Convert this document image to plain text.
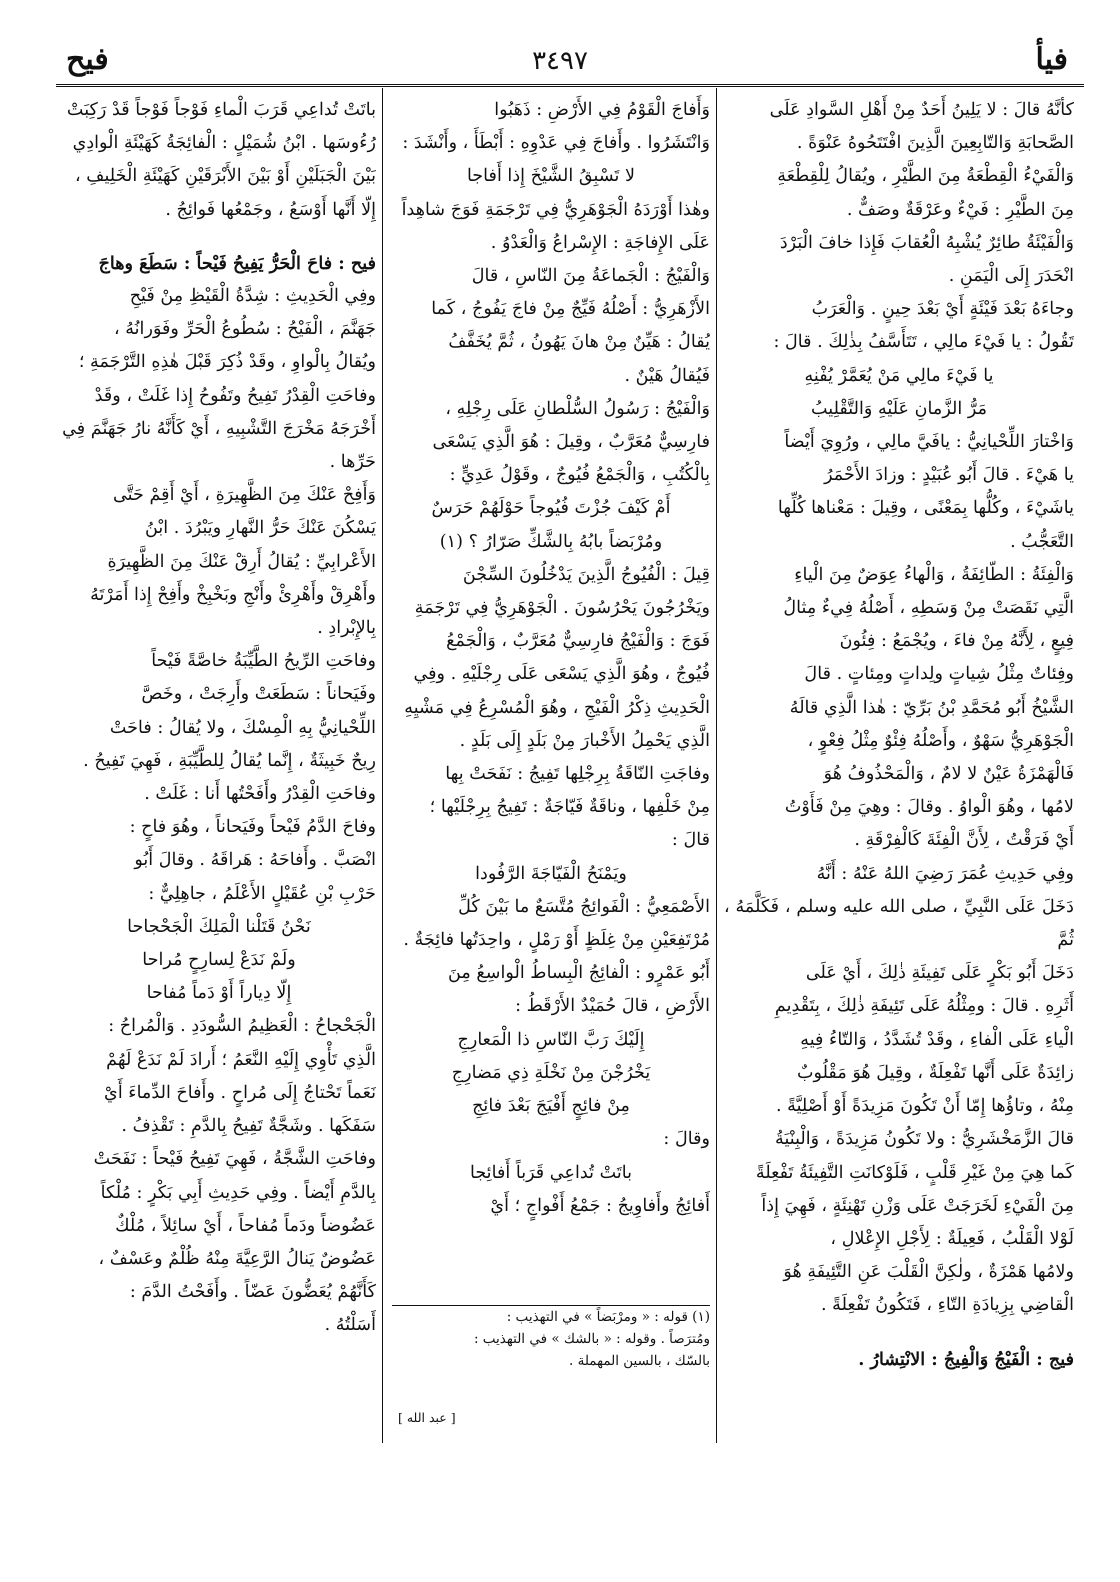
فيح	٣٤٩٧	فيأ

كأنَّهُ قالَ : لا يَلِينُ أَحَدٌ مِنْ أَهْلِ السَّوادِ عَلَى

الصَّحابَةِ وَالتّابِعِينَ الَّذِينَ افْتَتَحُوهُ عَنْوَةً .

وَالْفَيْءُ الْقِطْعَةُ مِنَ الطَّيْرِ ، ويُقالُ لِلْقِطْعَةِ

مِنَ الطَّيْرِ : فَيْءٌ وعَرْقَةٌ وصَفٌّ .

وَالْفَيْئَةُ طائِرٌ يُشْبِهُ الْعُقابَ فَإِذا خافَ الْبَرْدَ

انْحَدَرَ إِلَى الْيَمَنِ .

وجاءَهُ بَعْدَ فَيْئَةٍ أَيْ بَعْدَ حِينٍ . وَالْعَرَبُ

تَقُولُ : يا فَيْءَ مالِي ، تَتَأَسَّفُ بِذٰلِكَ . قالَ :

يا فَيْءَ مالِي مَنْ يُعَمَّرْ يُفْنِهِ

مَرُّ الزَّمانِ عَلَيْهِ وَالتَّقْلِيبُ

وَاخْتارَ اللِّحْيانِيُّ : يافَيَّ مالِي ، ورُوِيَ أَيْضاً

يا هَيْءَ . قالَ أَبُو عُبَيْدٍ : وزادَ الأَحْمَرُ

ياشَيْءَ ، وكُلُّها بِمَعْنًى ، وقِيلَ : مَعْناها كُلِّها

التَّعَجُّبُ .

وَالْفِئَةُ : الطّائِفَةُ ، وَالْهاءُ عِوَضٌ مِنَ الْياءِ

الَّتِي نَقَصَتْ مِنْ وَسَطِهِ ، أَصْلُهُ فِيءٌ مِثالُ

فِيعٍ ، لِأَنَّهُ مِنْ فاءَ ، ويُجْمَعُ : فِئُونَ

وفِئاتٌ مِثْلُ شِياتٍ ولِداتٍ ومِئاتٍ . قالَ

الشَّيْخُ أَبُو مُحَمَّدِ بْنُ بَرِّيّ : هٰذا الَّذِي قالَهُ

الْجَوْهَرِيُّ سَهْوٌ ، وأَصْلُهُ فِئْوٌ مِثْلُ فِعْوٍ ،

فَالْهَمْزَةُ عَيْنٌ لا لامٌ ، وَالْمَحْذُوفُ هُوَ

لامُها ، وهُوَ الْواوُ . وقالَ : وهِيَ مِنْ فَأَوْتُ

أَيْ فَرَقْتُ ، لِأَنَّ الْفِئَةَ كَالْفِرْقَةِ .

وفِي حَدِيثِ عُمَرَ رَضِيَ اللهُ عَنْهُ : أَنَّهُ

دَخَلَ عَلَى النَّبِيِّ ، صلى الله عليه وسلم ، فَكَلَّمَهُ ، ثُمَّ

دَخَلَ أَبُو بَكْرٍ عَلَى تَفِيئَةِ ذٰلِكَ ، أَيْ عَلَى

أَثَرِهِ . قالَ : ومِثْلُهُ عَلَى تَئِيفَةِ ذٰلِكَ ، بِتَقْدِيمِ

الْياءِ عَلَى الْفاءِ ، وقَدْ تُشَدَّدُ ، وَالتّاءُ فِيهِ

زائِدَةٌ عَلَى أَنَّها تَفْعِلَةٌ ، وقِيلَ هُوَ مَقْلُوبٌ

مِنْهُ ، وتاؤُها إِمّا أَنْ تَكُونَ مَزِيدَةً أَوْ أَصْلِيَّةً .

قالَ الزَّمَخْشَرِيُّ : ولا تَكُونُ مَزِيدَةً ، وَالْبِنْيَةُ

كَما هِيَ مِنْ غَيْرِ قَلْبٍ ، فَلَوْكانَتِ التَّفِيئَةُ تَفْعِلَةً

مِنَ الْفَيْءِ لَخَرَجَتْ عَلَى وَزْنِ تَهْنِئَةٍ ، فَهِيَ إِذاً

لَوْلا الْقَلْبُ ، فَعِيلَةٌ : لِأَجْلِ الإِعْلالِ ،

ولامُها هَمْزَةٌ ، ولٰكِنَّ الْقَلْبَ عَنِ التَّئِيفَةِ هُوَ

الْقاضِي بِزِيادَةِ التّاءِ ، فَتَكُونُ تَفْعِلَةً .

فيج : الْفَيْجُ وَالْفِيجُ : الانْتِشارُ .

وَأَفاجَ الْقَوْمُ فِي الأَرْضِ : ذَهَبُوا

وَانْتَشَرُوا . وأَفاجَ فِي عَدْوِهِ : أَبْطَأَ ، وأَنْشَدَ :

لا تَسْبِقُ الشَّيْخَ إِذا أَفاجا

وهٰذا أَوْرَدَهُ الْجَوْهَرِيُّ فِي تَرْجَمَةِ فَوَجَ شاهِداً

عَلَى الإِفاجَةِ : الإِسْراعُ وَالْعَدْوُ .

وَالْفَيْجُ : الْجَماعَةُ مِنَ النّاسِ ، قالَ

الأَزْهَرِيُّ : أَصْلُهُ فَيِّجٌ مِنْ فاجَ يَفُوجُ ، كَما

يُقالُ : هَيِّنٌ مِنْ هانَ يَهُونُ ، ثُمَّ يُخَفَّفُ

فَيُقالُ هَيْنٌ .

وَالْفَيْجُ : رَسُولُ السُّلْطانِ عَلَى رِجْلِهِ ،

فارِسِيٌّ مُعَرَّبٌ ، وقِيلَ : هُوَ الَّذِي يَسْعَى

بِالْكُتُبِ ، وَالْجَمْعُ فُيُوجٌ ، وقَوْلُ عَدِيٍّ :

أَمْ كَيْفَ جُزْتَ فُيُوجاً حَوْلَهُمْ حَرَسٌ

ومُرْبَضاً بابُهُ بِالشَّكِّ صَرّارُ ؟ (١)

قِيلَ : الْفُيُوجُ الَّذِينَ يَدْخُلُونَ السِّجْنَ

ويَخْرُجُونَ يَحْرُسُونَ . الْجَوْهَرِيُّ فِي تَرْجَمَةِ

فَوَجَ : وَالْفَيْجُ فارِسِيٌّ مُعَرَّبٌ ، وَالْجَمْعُ

فُيُوجٌ ، وهُوَ الَّذِي يَسْعَى عَلَى رِجْلَيْهِ . وفِي

الْحَدِيثِ ذِكْرُ الْفَيْجِ ، وهُوَ الْمُسْرِعُ فِي مَشْيِهِ

الَّذِي يَحْمِلُ الأَخْبارَ مِنْ بَلَدٍ إِلَى بَلَدٍ .

وفاجَتِ النّاقَةُ بِرِجْلِها تَفِيجُ : نَفَحَتْ بِها

مِنْ خَلْفِها ، وناقَةٌ فَيّاجَةٌ : تَفِيجُ بِرِجْلَيْها ؛

قالَ :

ويَمْنَحُ الْفَيّاجَةَ الرَّفُودا

الأَصْمَعِيُّ : الْفَوائِجُ مُتَّسَعٌ ما بَيْنَ كُلِّ

مُرْتَفِعَيْنِ مِنْ غِلَظٍ أَوْ رَمْلٍ ، واحِدَتُها فائِجَةٌ .

أَبُو عَمْرٍو : الْفائِجُ الْبِساطُ الْواسِعُ مِنَ

الأَرْضِ ، قالَ حُمَيْدٌ الأَرْقَطُ :

إِلَيْكَ رَبَّ النّاسِ ذا الْمَعارِجِ

يَخْرُجْنَ مِنْ نَخْلَةِ ذِي مَضارِجِ

مِنْ فائِجٍ أَفْيَجَ بَعْدَ فائِجِ

وقالَ :

باتَتْ تُداعِي قَرَباً أَفائِجا

أَفائِجُ وأَفاوِيجُ : جَمْعُ أَفْواجٍ ؛ أَيْ

(١) قوله : « ومرْبَضاً » في التهذيب :

ومُترَصاً . وقوله : « بالشك » في التهذيب :

بالسّك ، بالسين المهملة .

[ عبد الله ]

باتَتْ تُداعِي قَرَبَ الْماءِ فَوْجاً فَوْجاً قَدْ رَكِبَتْ

رُءُوسَها . ابْنُ شُمَيْلٍ : الْفائِجَةُ كَهَيْئَةِ الْوادِي

بَيْنَ الْجَبَلَيْنِ أَوْ بَيْنَ الأَبْرَقَيْنِ كَهَيْئَةِ الْخَلِيفِ ،

إِلّا أَنَّها أَوْسَعُ ، وجَمْعُها فَوائِجُ .

فيح : فاحَ الْحَرُّ يَفِيحُ فَيْحاً : سَطَعَ وهاجَ

وفِي الْحَدِيثِ : شِدَّةُ الْقَيْظِ مِنْ فَيْحِ

جَهَنَّمَ ، الْفَيْحُ : سُطُوعُ الْحَرِّ وفَوَرانُهُ ،

ويُقالُ بِالْواوِ ، وقَدْ ذُكِرَ قَبْلَ هٰذِهِ التَّرْجَمَةِ ؛

وفاحَتِ الْقِدْرُ تَفِيحُ وتَفُوحُ إِذا غَلَتْ ، وقَدْ

أَخْرَجَهُ مَخْرَجَ التَّشْبِيهِ ، أَيْ كَأَنَّهُ نارُ جَهَنَّمَ فِي

حَرِّها .

وَأَفِحْ عَنْكَ مِنَ الظَّهِيرَةِ ، أَيْ أَقِمْ حَتَّى

يَسْكُنَ عَنْكَ حَرُّ النَّهارِ ويَبْرُدَ . ابْنُ

الأَعْرابِيِّ : يُقالُ أَرِقْ عَنْكَ مِنَ الظَّهِيرَةِ

وأَهْرِقْ وأَهْرِئْ وأَنْجِ وبَخْبِخْ وأَفِحْ إِذا أَمَرْتَهُ

بِالإِبْرادِ .

وفاحَتِ الرِّيحُ الطَّيِّبَةُ خاصَّةً فَيْحاً

وفَيَحاناً : سَطَعَتْ وأَرِجَتْ ، وخَصَّ

اللِّحْيانِيُّ بِهِ الْمِسْكَ ، ولا يُقالُ : فاحَتْ

رِيحٌ خَبِيثَةٌ ، إِنَّما يُقالُ لِلطَّيِّبَةِ ، فَهِيَ تَفِيحُ .

وفاحَتِ الْقِدْرُ وأَفَحْتُها أَنا : غَلَتْ .

وفاحَ الدَّمُ فَيْحاً وفَيَحاناً ، وهُوَ فاحٍ :

انْصَبَّ . وأَفاحَهُ : هَراقَهُ . وقالَ أَبُو

حَرْبِ بْنِ عُقَيْلٍ الأَعْلَمُ ، جاهِلِيٌّ :

نَحْنُ قَتَلْنا الْمَلِكَ الْجَحْجاحا

ولَمْ نَدَعْ لِسارِحٍ مُراحا

إِلّا دِياراً أَوْ دَماً مُفاحا

الْجَحْجاحُ : الْعَظِيمُ السُّودَدِ . وَالْمُراحُ :

الَّذِي تَأْوِي إِلَيْهِ النَّعَمُ ؛ أَرادَ لَمْ نَدَعْ لَهُمْ

نَعَماً تَحْتاجُ إِلَى مُراحٍ . وأَفاحَ الدِّماءَ أَيْ

سَفَكَها . وشَجَّةٌ تَفِيحُ بِالدَّمِ : تَقْذِفُ .

وفاحَتِ الشَّجَّةُ ، فَهِيَ تَفِيحُ فَيْحاً : نَفَحَتْ

بِالدَّمِ أَيْضاً . وفِي حَدِيثِ أَبِي بَكْرٍ : مُلْكاً

عَضُوضاً ودَماً مُفاحاً ، أَيْ سائِلاً ، مُلْكٌ

عَضُوضٌ يَنالُ الرَّعِيَّةَ مِنْهُ ظُلْمٌ وعَسْفٌ ،

كَأَنَّهُمْ يُعَضُّونَ عَضّاً . وأَفَحْتُ الدَّمَ :

أَسَلْتُهُ .
